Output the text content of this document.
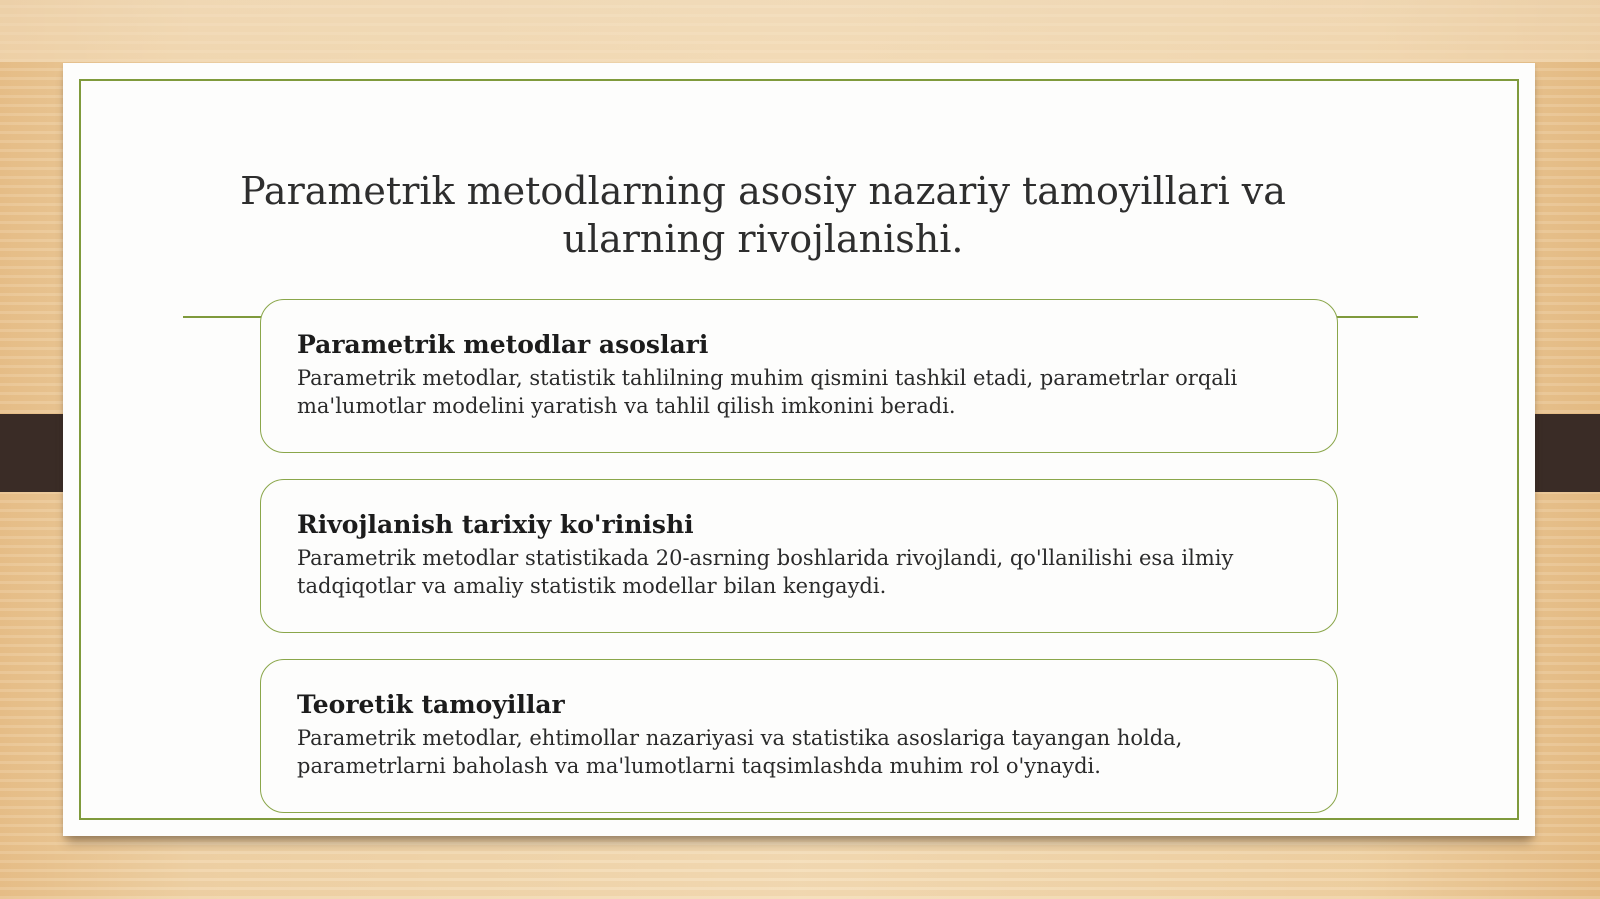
Parametrik metodlarning asosiy nazariy tamoyillari va ularning rivojlanishi.
Parametrik metodlar asoslari

Parametrik metodlar, statistik tahlilning muhim qismini tashkil etadi, parametrlar orqali ma'lumotlar modelini yaratish va tahlil qilish imkonini beradi.

Rivojlanish tarixiy ko'rinishi

Parametrik metodlar statistikada 20-asrning boshlarida rivojlandi, qo'llanilishi esa ilmiy tadqiqotlar va amaliy statistik modellar bilan kengaydi.

Teoretik tamoyillar

Parametrik metodlar, ehtimollar nazariyasi va statistika asoslariga tayangan holda, parametrlarni baholash va ma'lumotlarni taqsimlashda muhim rol o'ynaydi.
